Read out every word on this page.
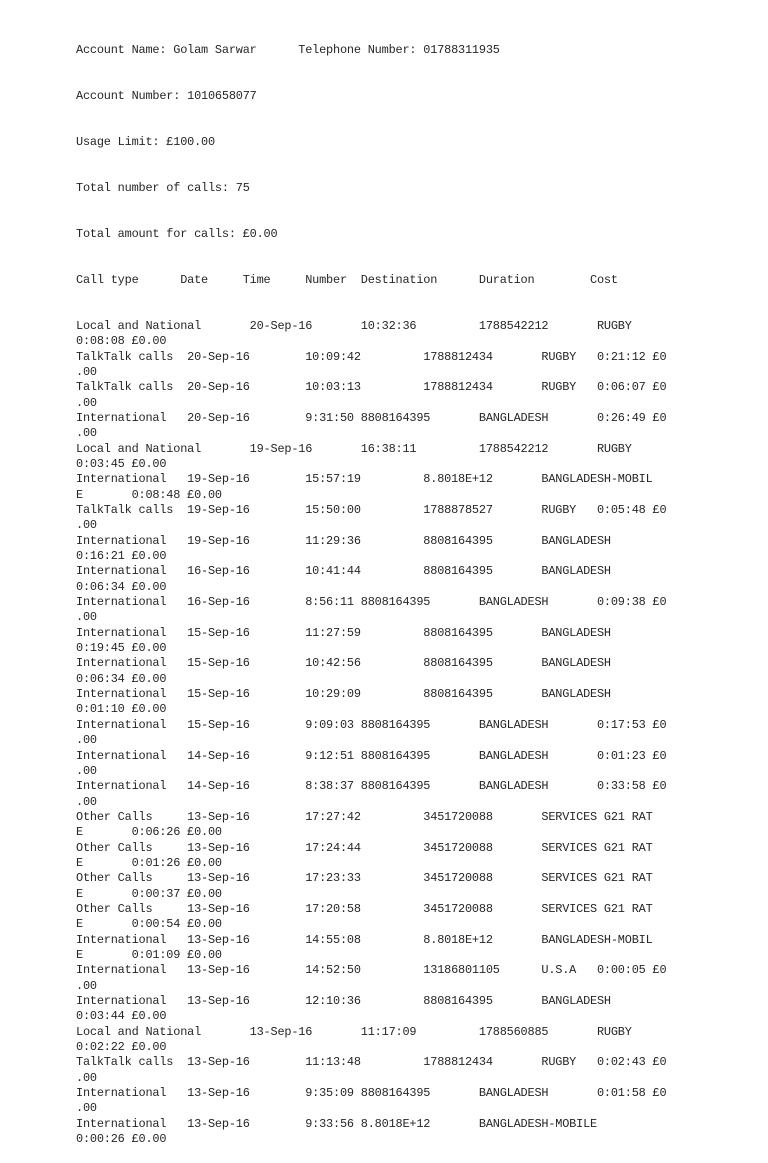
Account Name: Golam Sarwar      Telephone Number: 01788311935

Account Number: 1010658077

Usage Limit: £100.00

Total number of calls: 75

Total amount for calls: £0.00

Call type      Date     Time     Number  Destination      Duration        Cost

Local and National       20-Sep-16       10:32:36         1788542212       RUGBY
0:08:08 £0.00
TalkTalk calls  20-Sep-16        10:09:42         1788812434       RUGBY   0:21:12 £0
.00
TalkTalk calls  20-Sep-16        10:03:13         1788812434       RUGBY   0:06:07 £0
.00
International   20-Sep-16        9:31:50 8808164395       BANGLADESH       0:26:49 £0
.00
Local and National       19-Sep-16       16:38:11         1788542212       RUGBY
0:03:45 £0.00
International   19-Sep-16        15:57:19         8.8018E+12       BANGLADESH-MOBIL
E       0:08:48 £0.00
TalkTalk calls  19-Sep-16        15:50:00         1788878527       RUGBY   0:05:48 £0
.00
International   19-Sep-16        11:29:36         8808164395       BANGLADESH
0:16:21 £0.00
International   16-Sep-16        10:41:44         8808164395       BANGLADESH
0:06:34 £0.00
International   16-Sep-16        8:56:11 8808164395       BANGLADESH       0:09:38 £0
.00
International   15-Sep-16        11:27:59         8808164395       BANGLADESH
0:19:45 £0.00
International   15-Sep-16        10:42:56         8808164395       BANGLADESH
0:06:34 £0.00
International   15-Sep-16        10:29:09         8808164395       BANGLADESH
0:01:10 £0.00
International   15-Sep-16        9:09:03 8808164395       BANGLADESH       0:17:53 £0
.00
International   14-Sep-16        9:12:51 8808164395       BANGLADESH       0:01:23 £0
.00
International   14-Sep-16        8:38:37 8808164395       BANGLADESH       0:33:58 £0
.00
Other Calls     13-Sep-16        17:27:42         3451720088       SERVICES G21 RAT
E       0:06:26 £0.00
Other Calls     13-Sep-16        17:24:44         3451720088       SERVICES G21 RAT
E       0:01:26 £0.00
Other Calls     13-Sep-16        17:23:33         3451720088       SERVICES G21 RAT
E       0:00:37 £0.00
Other Calls     13-Sep-16        17:20:58         3451720088       SERVICES G21 RAT
E       0:00:54 £0.00
International   13-Sep-16        14:55:08         8.8018E+12       BANGLADESH-MOBIL
E       0:01:09 £0.00
International   13-Sep-16        14:52:50         13186801105      U.S.A   0:00:05 £0
.00
International   13-Sep-16        12:10:36         8808164395       BANGLADESH
0:03:44 £0.00
Local and National       13-Sep-16       11:17:09         1788560885       RUGBY
0:02:22 £0.00
TalkTalk calls  13-Sep-16        11:13:48         1788812434       RUGBY   0:02:43 £0
.00
International   13-Sep-16        9:35:09 8808164395       BANGLADESH       0:01:58 £0
.00
International   13-Sep-16        9:33:56 8.8018E+12       BANGLADESH-MOBILE
0:00:26 £0.00
